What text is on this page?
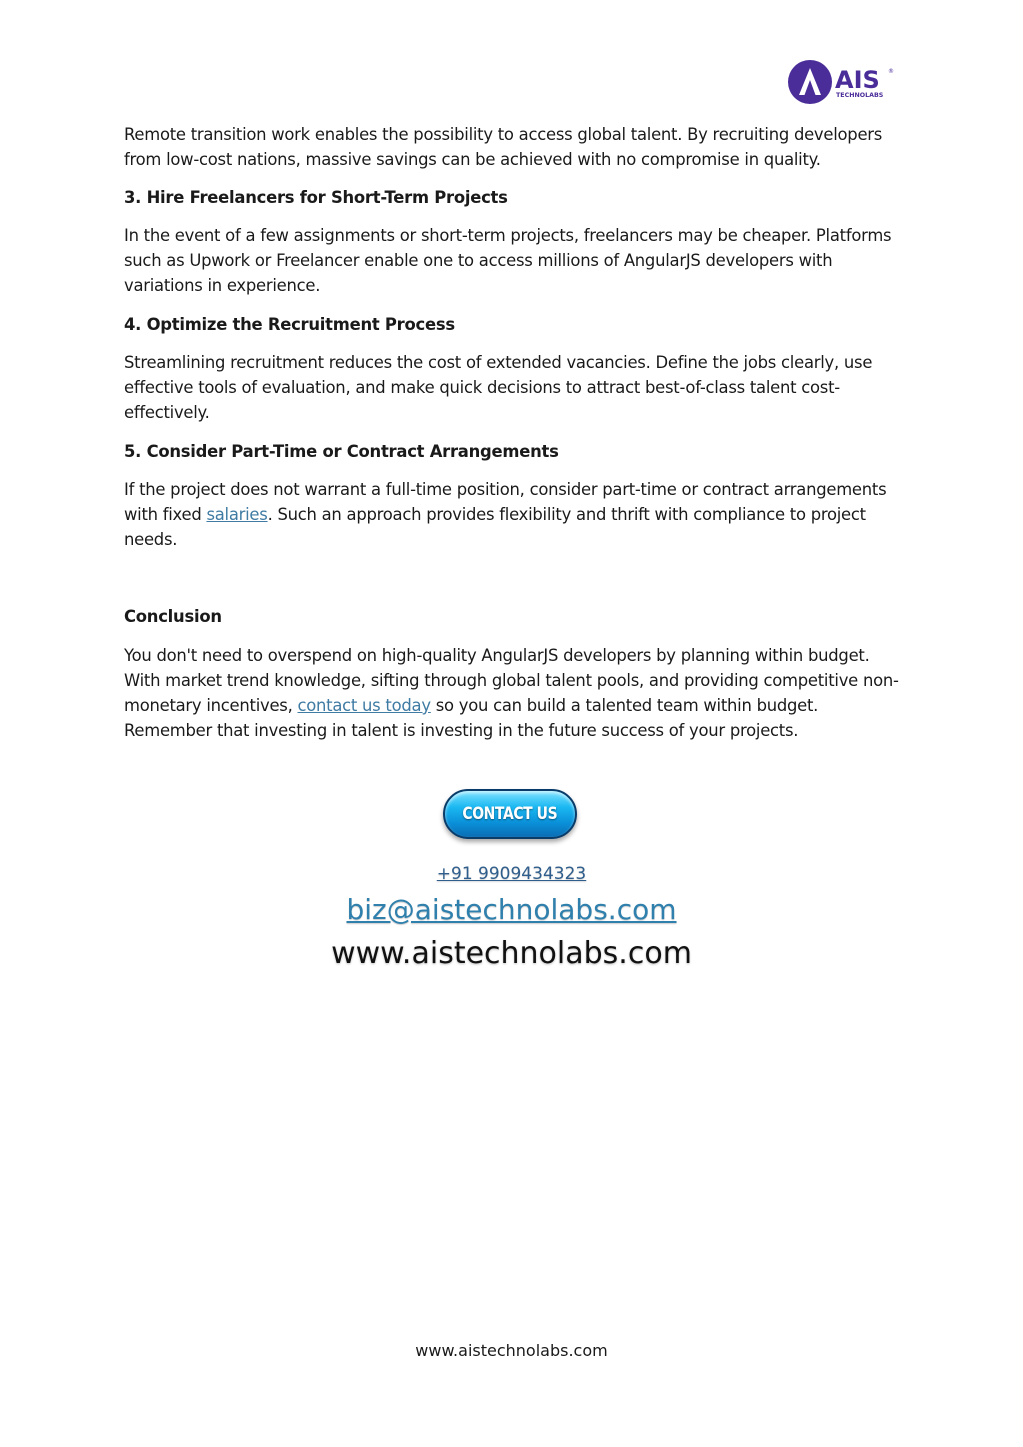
AIS ®
TECHNOLABS

Remote transition work enables the possibility to access global talent. By recruiting developers from low-cost nations, massive savings can be achieved with no compromise in quality.

3. Hire Freelancers for Short-Term Projects

In the event of a few assignments or short-term projects, freelancers may be cheaper. Platforms such as Upwork or Freelancer enable one to access millions of AngularJS developers with variations in experience.

4. Optimize the Recruitment Process

Streamlining recruitment reduces the cost of extended vacancies. Define the jobs clearly, use effective tools of evaluation, and make quick decisions to attract best-of-class talent cost-effectively.

5. Consider Part-Time or Contract Arrangements

If the project does not warrant a full-time position, consider part-time or contract arrangements with fixed salaries. Such an approach provides flexibility and thrift with compliance to project needs.

Conclusion

You don't need to overspend on high-quality AngularJS developers by planning within budget. With market trend knowledge, sifting through global talent pools, and providing competitive non-monetary incentives, contact us today so you can build a talented team within budget. Remember that investing in talent is investing in the future success of your projects.

CONTACT US
+91 9909434323
biz@aistechnolabs.com
www.aistechnolabs.com
www.aistechnolabs.com
